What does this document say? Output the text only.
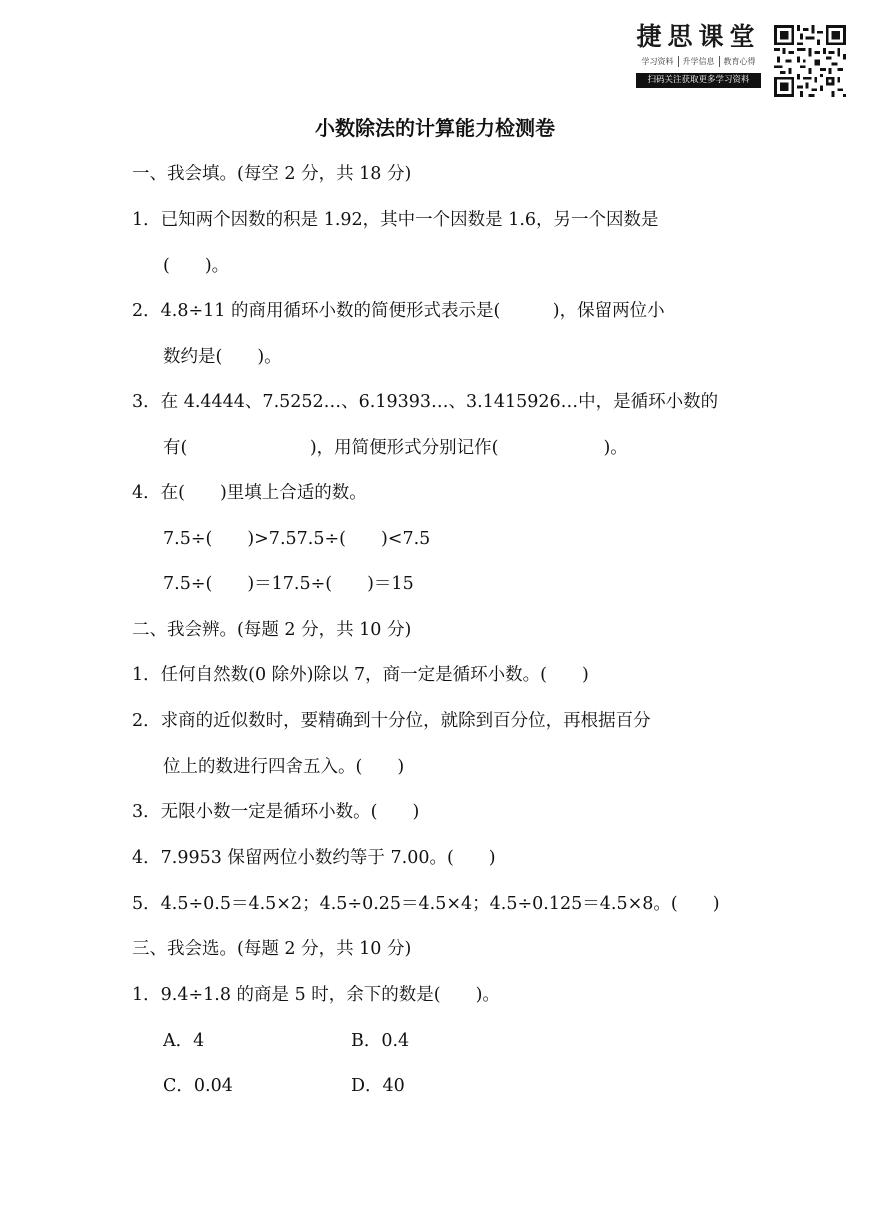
捷思课堂
学习资料	升学信息	教育心得
扫码关注获取更多学习资料
小数除法的计算能力检测卷
一、我会填。(每空 2 分，共 18 分)
1．已知两个因数的积是 1.92，其中一个因数是 1.6，另一个因数是
(　　)。
2．4.8÷11 的商用循环小数的简便形式表示是(　　　)，保留两位小
数约是(　　)。
3．在 4.4444、7.5252…、6.19393…、3.1415926…中，是循环小数的
有(　　　　　　　)，用简便形式分别记作(　　　　　　)。
4．在(　　)里填上合适的数。
7.5÷(　　)>7.57.5÷(　　)<7.5
7.5÷(　　)＝17.5÷(　　)＝15
二、我会辨。(每题 2 分，共 10 分)
1．任何自然数(0 除外)除以 7，商一定是循环小数。(　　)
2．求商的近似数时，要精确到十分位，就除到百分位，再根据百分
位上的数进行四舍五入。(　　)
3．无限小数一定是循环小数。(　　)
4．7.9953 保留两位小数约等于 7.00。(　　)
5．4.5÷0.5＝4.5×2；4.5÷0.25＝4.5×4；4.5÷0.125＝4.5×8。(　　)
三、我会选。(每题 2 分，共 10 分)
1．9.4÷1.8 的商是 5 时，余下的数是(　　)。
A．4	B．0.4
C．0.04	D．40
